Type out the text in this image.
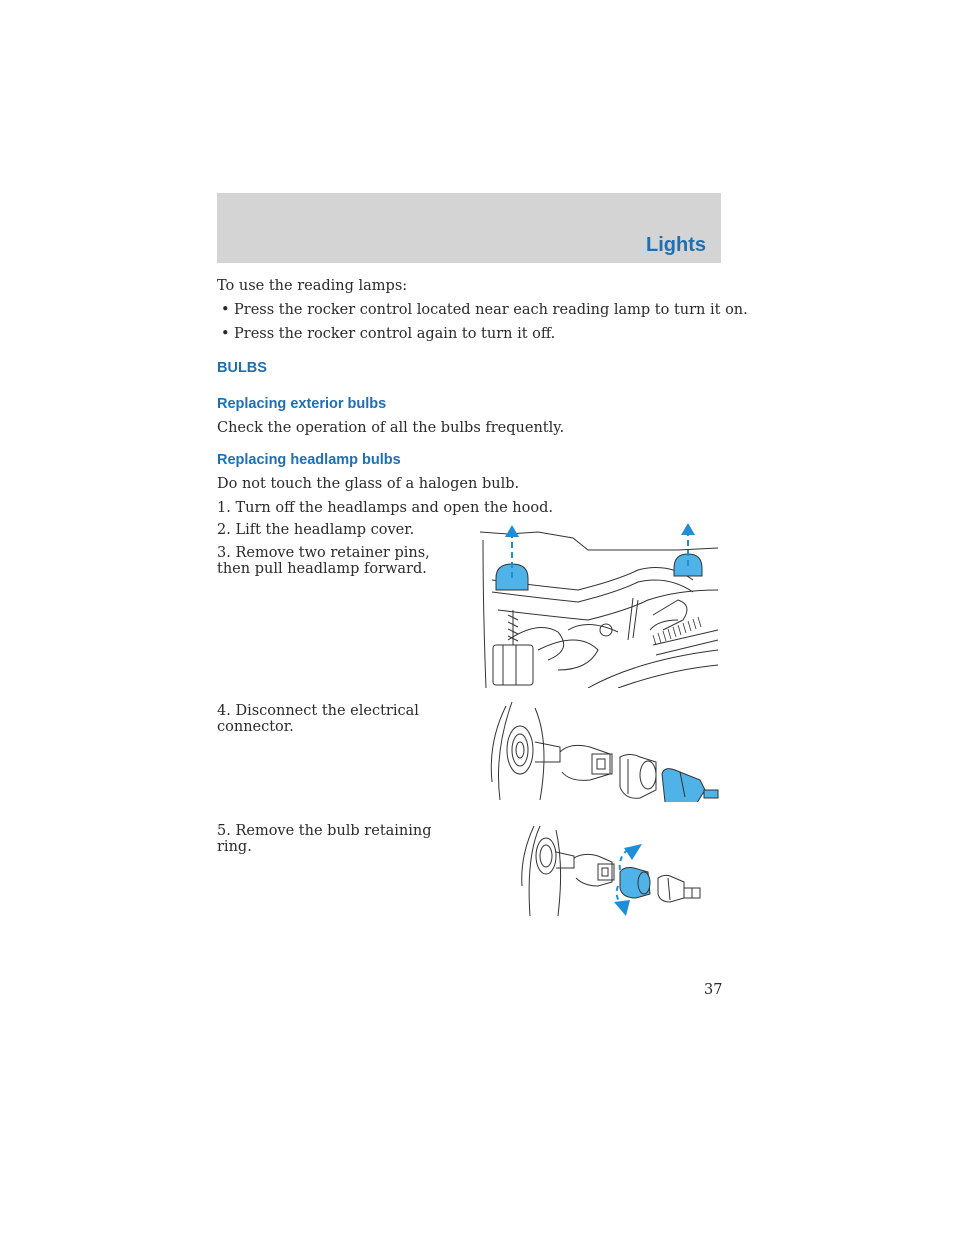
Lights
To use the reading lamps:
• Press the rocker control located near each reading lamp to turn it on.
• Press the rocker control again to turn it off.
BULBS
Replacing exterior bulbs
Check the operation of all the bulbs frequently.
Replacing headlamp bulbs
Do not touch the glass of a halogen bulb.
1. Turn off the headlamps and open the hood.
2. Lift the headlamp cover.
3. Remove two retainer pins, then pull headlamp forward.
4. Disconnect the electrical connector.
5. Remove the bulb retaining ring.
37
